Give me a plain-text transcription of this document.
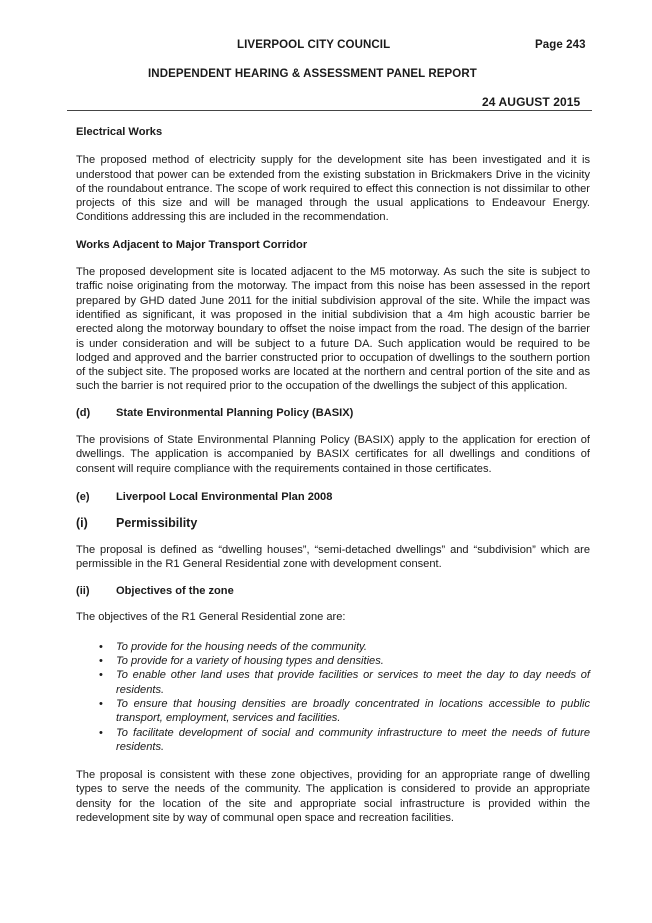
LIVERPOOL CITY COUNCIL	Page 243
INDEPENDENT HEARING & ASSESSMENT PANEL REPORT
24 AUGUST 2015

Electrical Works

The proposed method of electricity supply for the development site has been investigated and it is understood that power can be extended from the existing substation in Brickmakers Drive in the vicinity of the roundabout entrance. The scope of work required to effect this connection is not dissimilar to other projects of this size and will be managed through the usual applications to Endeavour Energy. Conditions addressing this are included in the recommendation.

Works Adjacent to Major Transport Corridor

The proposed development site is located adjacent to the M5 motorway. As such the site is subject to traffic noise originating from the motorway. The impact from this noise has been assessed in the report prepared by GHD dated June 2011 for the initial subdivision approval of the site. While the impact was identified as significant, it was proposed in the initial subdivision that a 4m high acoustic barrier be erected along the motorway boundary to offset the noise impact from the road. The design of the barrier is under consideration and will be subject to a future DA. Such application would be required to be lodged and approved and the barrier constructed prior to occupation of dwellings to the southern portion of the subject site. The proposed works are located at the northern and central portion of the site and as such the barrier is not required prior to the occupation of the dwellings the subject of this application.

(d)	State Environmental Planning Policy (BASIX)

The provisions of State Environmental Planning Policy (BASIX) apply to the application for erection of dwellings. The application is accompanied by BASIX certificates for all dwellings and conditions of consent will require compliance with the requirements contained in those certificates.

(e)	Liverpool Local Environmental Plan 2008
(i)	Permissibility

The proposal is defined as “dwelling houses”, “semi-detached dwellings” and “subdivision” which are permissible in the R1 General Residential zone with development consent.

(ii)	Objectives of the zone

The objectives of the R1 General Residential zone are:

• To provide for the housing needs of the community.
• To provide for a variety of housing types and densities.
• To enable other land uses that provide facilities or services to meet the day to day needs of residents.
• To ensure that housing densities are broadly concentrated in locations accessible to public transport, employment, services and facilities.
• To facilitate development of social and community infrastructure to meet the needs of future residents.

The proposal is consistent with these zone objectives, providing for an appropriate range of dwelling types to serve the needs of the community. The application is considered to provide an appropriate density for the location of the site and appropriate social infrastructure is provided within the redevelopment site by way of communal open space and recreation facilities.
